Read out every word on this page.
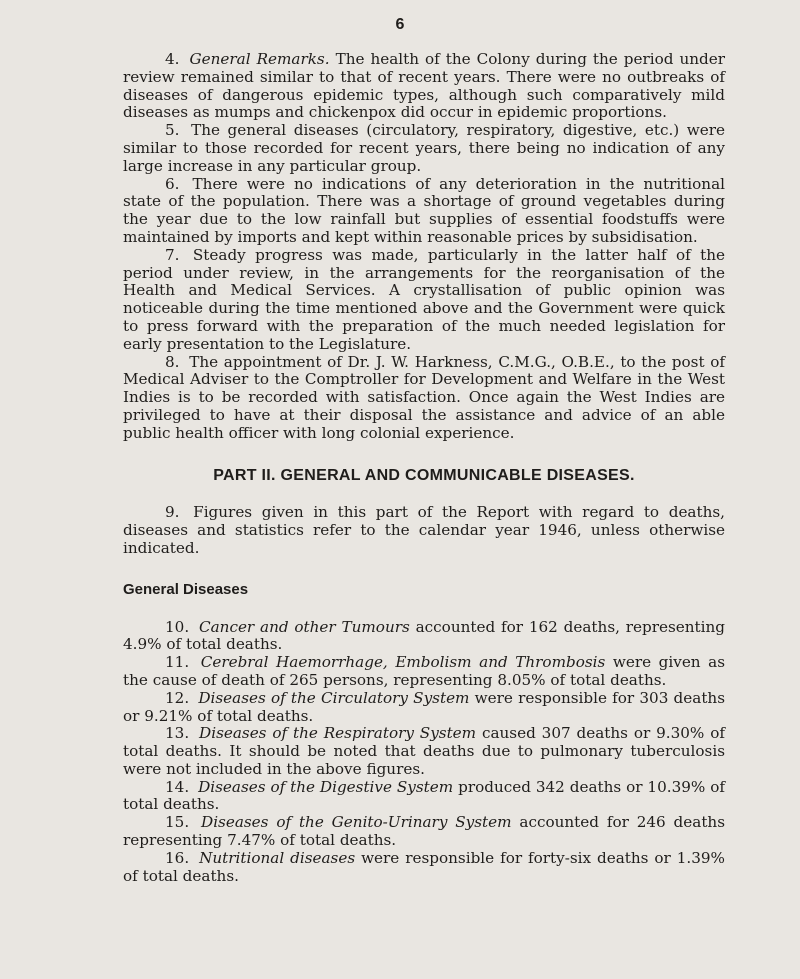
6

4. General Remarks. The health of the Colony during the period under review remained similar to that of recent years. There were no outbreaks of diseases of dangerous epidemic types, although such comparatively mild diseases as mumps and chickenpox did occur in epidemic proportions.

5. The general diseases (circulatory, respiratory, digestive, etc.) were similar to those recorded for recent years, there being no indication of any large increase in any particular group.

6. There were no indications of any deterioration in the nutritional state of the population. There was a shortage of ground vegetables during the year due to the low rainfall but supplies of essential foodstuffs were maintained by imports and kept within reasonable prices by subsidisation.

7. Steady progress was made, particularly in the latter half of the period under review, in the arrangements for the reorganisation of the Health and Medical Services. A crystallisation of public opinion was noticeable during the time mentioned above and the Government were quick to press forward with the preparation of the much needed legislation for early presentation to the Legislature.

8. The appointment of Dr. J. W. Harkness, C.M.G., O.B.E., to the post of Medical Adviser to the Comptroller for Development and Welfare in the West Indies is to be recorded with satisfaction. Once again the West Indies are privileged to have at their disposal the assistance and advice of an able public health officer with long colonial experience.

PART II. GENERAL AND COMMUNICABLE DISEASES.

9. Figures given in this part of the Report with regard to deaths, diseases and statistics refer to the calendar year 1946, unless otherwise indicated.

General Diseases

10. Cancer and other Tumours accounted for 162 deaths, representing 4.9% of total deaths.

11. Cerebral Haemorrhage, Embolism and Thrombosis were given as the cause of death of 265 persons, representing 8.05% of total deaths.

12. Diseases of the Circulatory System were responsible for 303 deaths or 9.21% of total deaths.

13. Diseases of the Respiratory System caused 307 deaths or 9.30% of total deaths. It should be noted that deaths due to pulmonary tuberculosis were not included in the above figures.

14. Diseases of the Digestive System produced 342 deaths or 10.39% of total deaths.

15. Diseases of the Genito-Urinary System accounted for 246 deaths representing 7.47% of total deaths.

16. Nutritional diseases were responsible for forty-six deaths or 1.39% of total deaths.
